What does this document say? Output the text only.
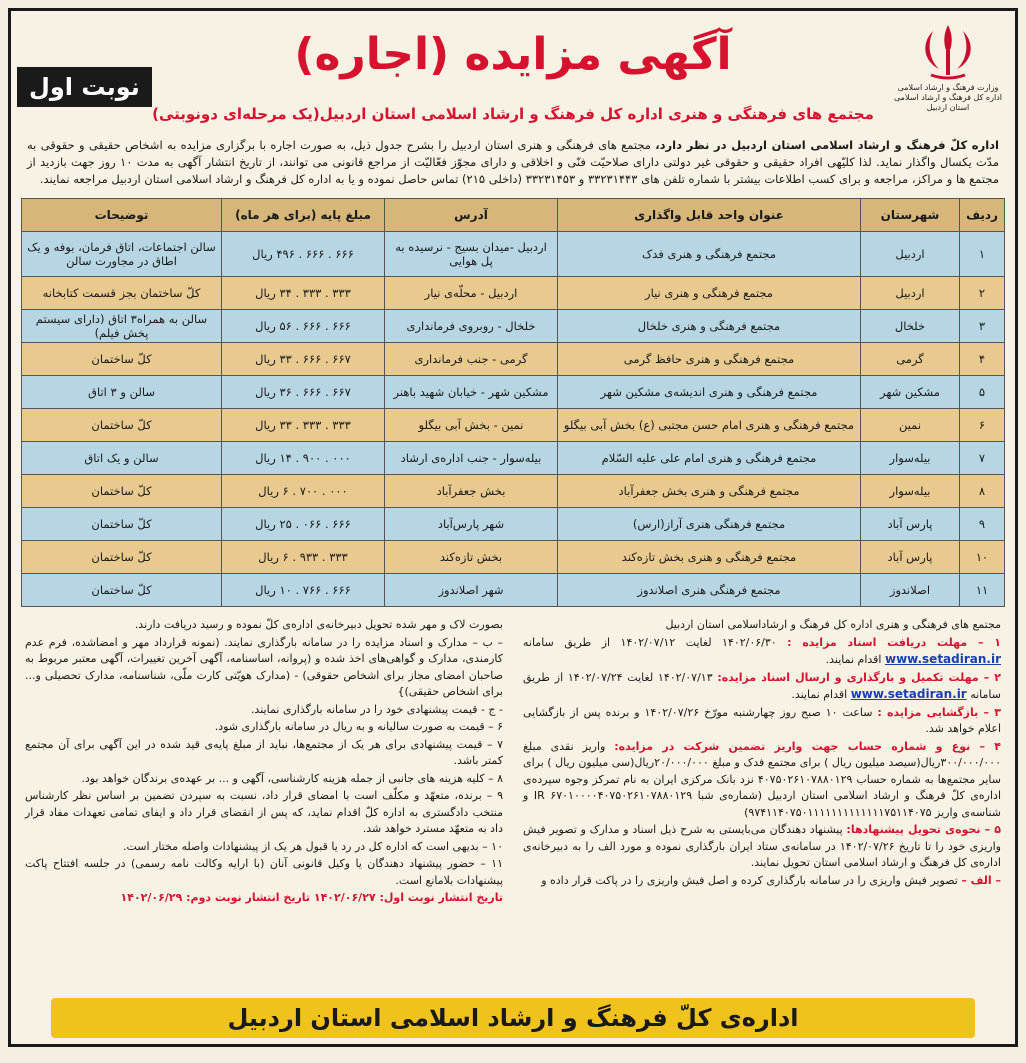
وزارت فرهنگ و ارشاد اسلامی
اداره کل فرهنگ و ارشاد اسلامی استان اردبیل
آگهی مزایده (اجاره)
نوبت اول
مجتمع های فرهنگی و هنری اداره کل فرهنگ و ارشاد اسلامی استان اردبیل(یک مرحله‌ای دونوبتی)
اداره کلّ فرهنگ و ارشاد اسلامی استان اردبیل در نظر دارد، مجتمع های فرهنگی و هنری استان اردبیل را بشرح جدول ذیل، به صورت اجاره با برگزاری مزایده به اشخاص حقیقی و حقوقی به مدّت یکسال واگذار نماید. لذا کلیّهی افراد حقیقی و حقوقی غیر دولتی دارای صلاحیّت فنّی و اخلاقی و دارای مجوّز فعّالیّت از مراجع قانونی می توانند، از تاریخ انتشار آگهی به مدت ۱۰ روز جهت بازدید از مجتمع ها و مراکز، مراجعه و برای کسب اطلاعات بیشتر با شماره تلفن های ۳۳۲۳۱۴۴۳ و ۳۳۲۳۱۴۵۳ (داخلی ۲۱۵) تماس حاصل نموده و یا به اداره کل فرهنگ و ارشاد اسلامی استان اردبیل مراجعه نمایند.
ردیف	شهرستان	عنوان واحد قابل واگذاری	آدرس	مبلغ پایه (برای هر ماه)	توضیحات
۱	اردبیل	مجتمع فرهنگی و هنری فدک	اردبیل -میدان بسیج - نرسیده به پل هوایی	۶۶۶ . ۶۶۶ . ۴۹۶ ریال	سالن اجتماعات، اتاق فرمان، بوفه و یک اطاق در مجاورت سالن
۲	اردبیل	مجتمع فرهنگی و هنری نیار	اردبیل - محلّه‌ی نیار	۳۳۳ . ۳۳۳ . ۳۴ ریال	کلّ ساختمان بجز قسمت کتابخانه
۳	خلخال	مجتمع فرهنگی و هنری خلخال	خلخال - روبروی فرمانداری	۶۶۶ . ۶۶۶ . ۵۶ ریال	سالن به همراه۳ اتاق (دارای سیستم پخش فیلم)
۴	گرمی	مجتمع فرهنگی و هنری حافظ گرمی	گرمی - جنب فرمانداری	۶۶۷ . ۶۶۶ . ۳۳ ریال	کلّ ساختمان
۵	مشکین شهر	مجتمع فرهنگی و هنری اندیشه‌ی مشکین شهر	مشکین شهر - خیابان شهید باهنر	۶۶۷ . ۶۶۶ . ۳۶ ریال	سالن و ۳ اتاق
۶	نمین	مجتمع فرهنگی و هنری امام حسن مجتبی (ع) بخش آبی بیگلو	نمین - بخش آبی بیگلو	۳۳۳ . ۳۳۳ . ۳۳ ریال	کلّ ساختمان
۷	بیله‌سوار	مجتمع فرهنگی و هنری امام علی علیه السّلام	بیله‌سوار - جنب اداره‌ی ارشاد	۰۰۰ . ۹۰۰ . ۱۴ ریال	سالن و یک اتاق
۸	بیله‌سوار	مجتمع فرهنگی و هنری بخش جعفرآباد	بخش جعفرآباد	۰۰۰ . ۷۰۰ . ۶ ریال	کلّ ساختمان
۹	پارس آباد	مجتمع فرهنگی هنری آراز(ارس)	شهر پارس‌آباد	۶۶۶ . ۰۶۶ . ۲۵ ریال	کلّ ساختمان
۱۰	پارس آباد	مجتمع فرهنگی و هنری بخش تازه‌کند	بخش تازه‌کند	۳۳۳ . ۹۳۳ . ۶ ریال	کلّ ساختمان
۱۱	اصلاندوز	مجتمع فرهنگی هنری اصلاندوز	شهر اصلاندوز	۶۶۶ . ۷۶۶ . ۱۰ ریال	کلّ ساختمان

مجتمع های فرهنگی و هنری اداره کل فرهنگ و ارشاداسلامی استان اردبیل

۱ – مهلت دریافت اسناد مزایده : ۱۴۰۲/۰۶/۳۰ لغایت ۱۴۰۲/۰۷/۱۲ از طریق سامانه www.setadiran.ir اقدام نمایند.

۲ – مهلت تکمیل و بارگذاری و ارسال اسناد مزایده: ۱۴۰۲/۰۷/۱۳ لغایت ۱۴۰۲/۰۷/۲۴ از طریق سامانه www.setadiran.ir اقدام نمایند.

۳ – بازگشایی مزایده : ساعت ۱۰ صبح روز چهارشنبه مورّخ ۱۴۰۲/۰۷/۲۶ و برنده پس از بازگشایی اعلام خواهد شد.

۴ – نوع و شماره حساب جهت واریز تضمین شرکت در مزایده: واریز نقدی مبلغ ۳۰۰/۰۰۰/۰۰۰ریال(سیصد میلیون ریال ) برای مجتمع فدک و مبلغ ۲۰/۰۰۰/۰۰۰ریال(سی میلیون ریال ) برای سایر مجتمع‌ها به شماره حساب ۴۰۷۵۰۲۶۱۰۷۸۸۰۱۲۹ نزد بانک مرکزی ایران به نام تمرکز وجوه سپرده‌ی اداره‌ی کلّ فرهنگ و ارشاد اسلامی استان اردبیل (شماره‌ی شبا IR ۶۷۰۱۰۰۰۰۴۰۷۵۰۲۶۱۰۷۸۸۰۱۲۹ و شناسه‌ی واریز ۹۷۴۱۱۴۰۷۵۰۱۱۱۱۱۱۱۱۱۱۱۱۱۷۵۱۱۴۰۷۵)

۵ – نحوه‌ی تحویل پیشنهادها: پیشنهاد دهندگان می‌بایستی به شرح ذیل اسناد و مدارک و تصویر فیش واریزی خود را تا تاریخ ۱۴۰۲/۰۷/۲۶ در سامانه‌ی ستاد ایران بارگذاری نموده و مورد الف را به دبیرخانه‌ی اداره‌ی کل فرهنگ و ارشاد اسلامی استان تحویل نمایند.

– الف – تصویر فیش واریزی را در سامانه بارگذاری کرده و اصل فیش واریزی را در پاکت قرار داده و

بصورت لاک و مهر شده تحویل دبیرخانه‌ی اداره‌ی کلّ نموده و رسید دریافت دارند.

– ب – مدارک و اسناد مزایده را در سامانه بارگذاری نمایند. (نمونه قرارداد مهر و امضاشده، فرم عدم کارمندی، مدارک و گواهی‌های اخذ شده و (پروانه، اساسنامه، آگهی آخرین تغییرات، آگهی معتبر مربوط به صاحبان امضای مجاز برای اشخاص حقوقی) - (مدارک هویّتی کارت ملّی، شناسنامه، مدارک تحصیلی و... برای اشخاص حقیقی)}

- ج - قیمت پیشنهادی خود را در سامانه بارگذاری نمایند.

۶ – قیمت به صورت سالیانه و به ریال در سامانه بارگذاری شود.

۷ – قیمت پیشنهادی برای هر یک از مجتمع‌ها، نباید از مبلغ پایه‌ی قید شده در این آگهی برای آن مجتمع کمتر باشد.

۸ – کلیه هزینه های جانبی از جمله هزینه کارشناسی، آگهی و ... بر عهده‌ی برندگان خواهد بود.

۹ – برنده، متعهّد و مکلّف است با امضای قرار داد، نسبت به سپردن تضمین بر اساس نظر کارشناس منتخب دادگستری به اداره کلّ اقدام نماید، که پس از انقضای قرار داد و ایفای تمامی تعهدات مفاد قرار داد به متعهّد مسترد خواهد شد.

۱۰ – بدیهی است که اداره کل در رد یا قبول هر یک از پیشنهادات واصله مختار است.

۱۱ – حضور پیشنهاد دهندگان یا وکیل قانونی آنان (با ارایه وکالت نامه رسمی) در جلسه افتتاح پاکت پیشنهادات بلامانع است.

تاریخ انتشار نوبت اول: ۱۴۰۲/۰۶/۲۷ تاریخ انتشار نوبت دوم: ۱۴۰۲/۰۶/۲۹

اداره‌ی کلّ فرهنگ و ارشاد اسلامی استان اردبیل
